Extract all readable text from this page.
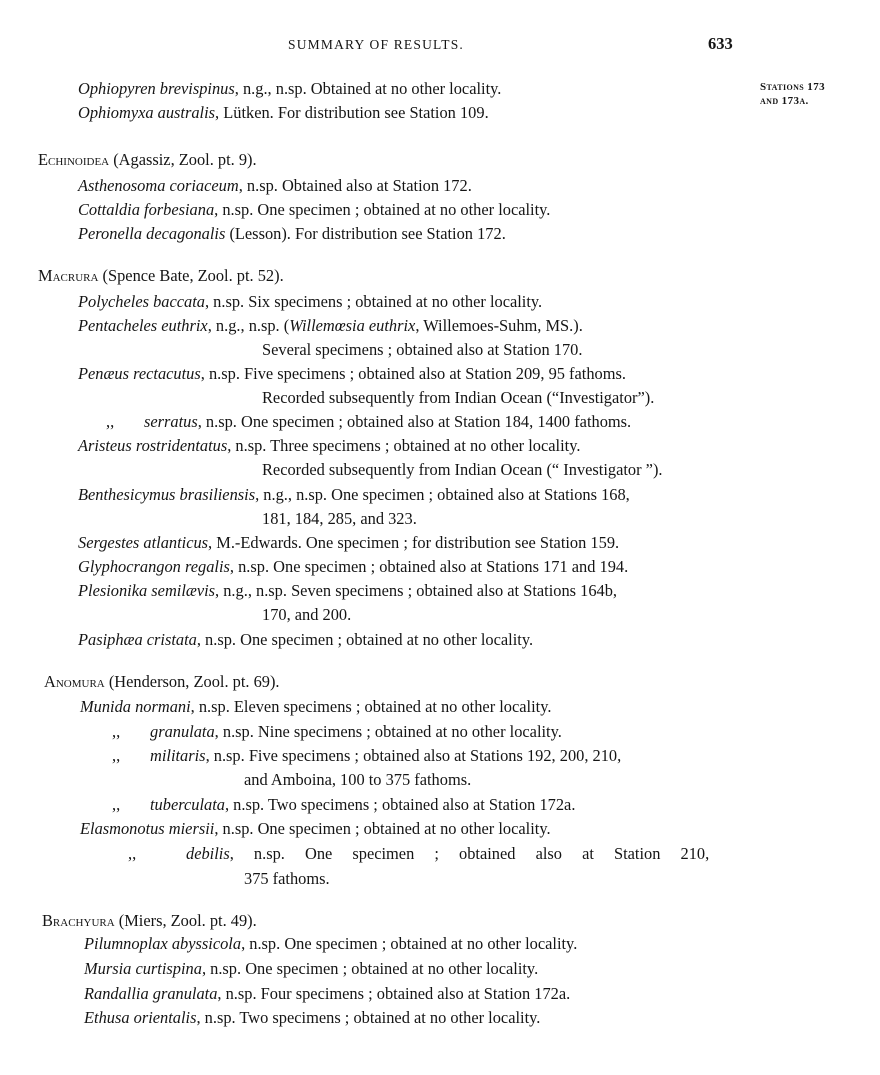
SUMMARY OF RESULTS.	633
Stations 173
and 173a.
Ophiopyren brevispinus, n.g., n.sp. Obtained at no other locality.
Ophiomyxa australis, Lütken. For distribution see Station 109.
Echinoidea (Agassiz, Zool. pt. 9).
Asthenosoma coriaceum, n.sp. Obtained also at Station 172.
Cottaldia forbesiana, n.sp. One specimen ; obtained at no other locality.
Peronella decagonalis (Lesson). For distribution see Station 172.
Macrura (Spence Bate, Zool. pt. 52).
Polycheles baccata, n.sp. Six specimens ; obtained at no other locality.
Pentacheles euthrix, n.g., n.sp. (Willemœsia euthrix, Willemoes-Suhm, MS.).
Several specimens ; obtained also at Station 170.
Penæus rectacutus, n.sp. Five specimens ; obtained also at Station 209, 95 fathoms.
Recorded subsequently from Indian Ocean (“Investigator”).
,, serratus, n.sp. One specimen ; obtained also at Station 184, 1400 fathoms.
Aristeus rostridentatus, n.sp. Three specimens ; obtained at no other locality.
Recorded subsequently from Indian Ocean (“ Investigator ”).
Benthesicymus brasiliensis, n.g., n.sp. One specimen ; obtained also at Stations 168,
181, 184, 285, and 323.
Sergestes atlanticus, M.-Edwards. One specimen ; for distribution see Station 159.
Glyphocrangon regalis, n.sp. One specimen ; obtained also at Stations 171 and 194.
Plesionika semilævis, n.g., n.sp. Seven specimens ; obtained also at Stations 164b,
170, and 200.
Pasiphæa cristata, n.sp. One specimen ; obtained at no other locality.
Anomura (Henderson, Zool. pt. 69).
Munida normani, n.sp. Eleven specimens ; obtained at no other locality.
,, granulata, n.sp. Nine specimens ; obtained at no other locality.
,, militaris, n.sp. Five specimens ; obtained also at Stations 192, 200, 210,
and Amboina, 100 to 375 fathoms.
,, tuberculata, n.sp. Two specimens ; obtained also at Station 172a.
Elasmonotus miersii, n.sp. One specimen ; obtained at no other locality.
,,	debilis, n.sp. One specimen ; obtained also at Station 210,
375 fathoms.
Brachyura (Miers, Zool. pt. 49).
Pilumnoplax abyssicola, n.sp. One specimen ; obtained at no other locality.
Mursia curtispina, n.sp. One specimen ; obtained at no other locality.
Randallia granulata, n.sp. Four specimens ; obtained also at Station 172a.
Ethusa orientalis, n.sp. Two specimens ; obtained at no other locality.
